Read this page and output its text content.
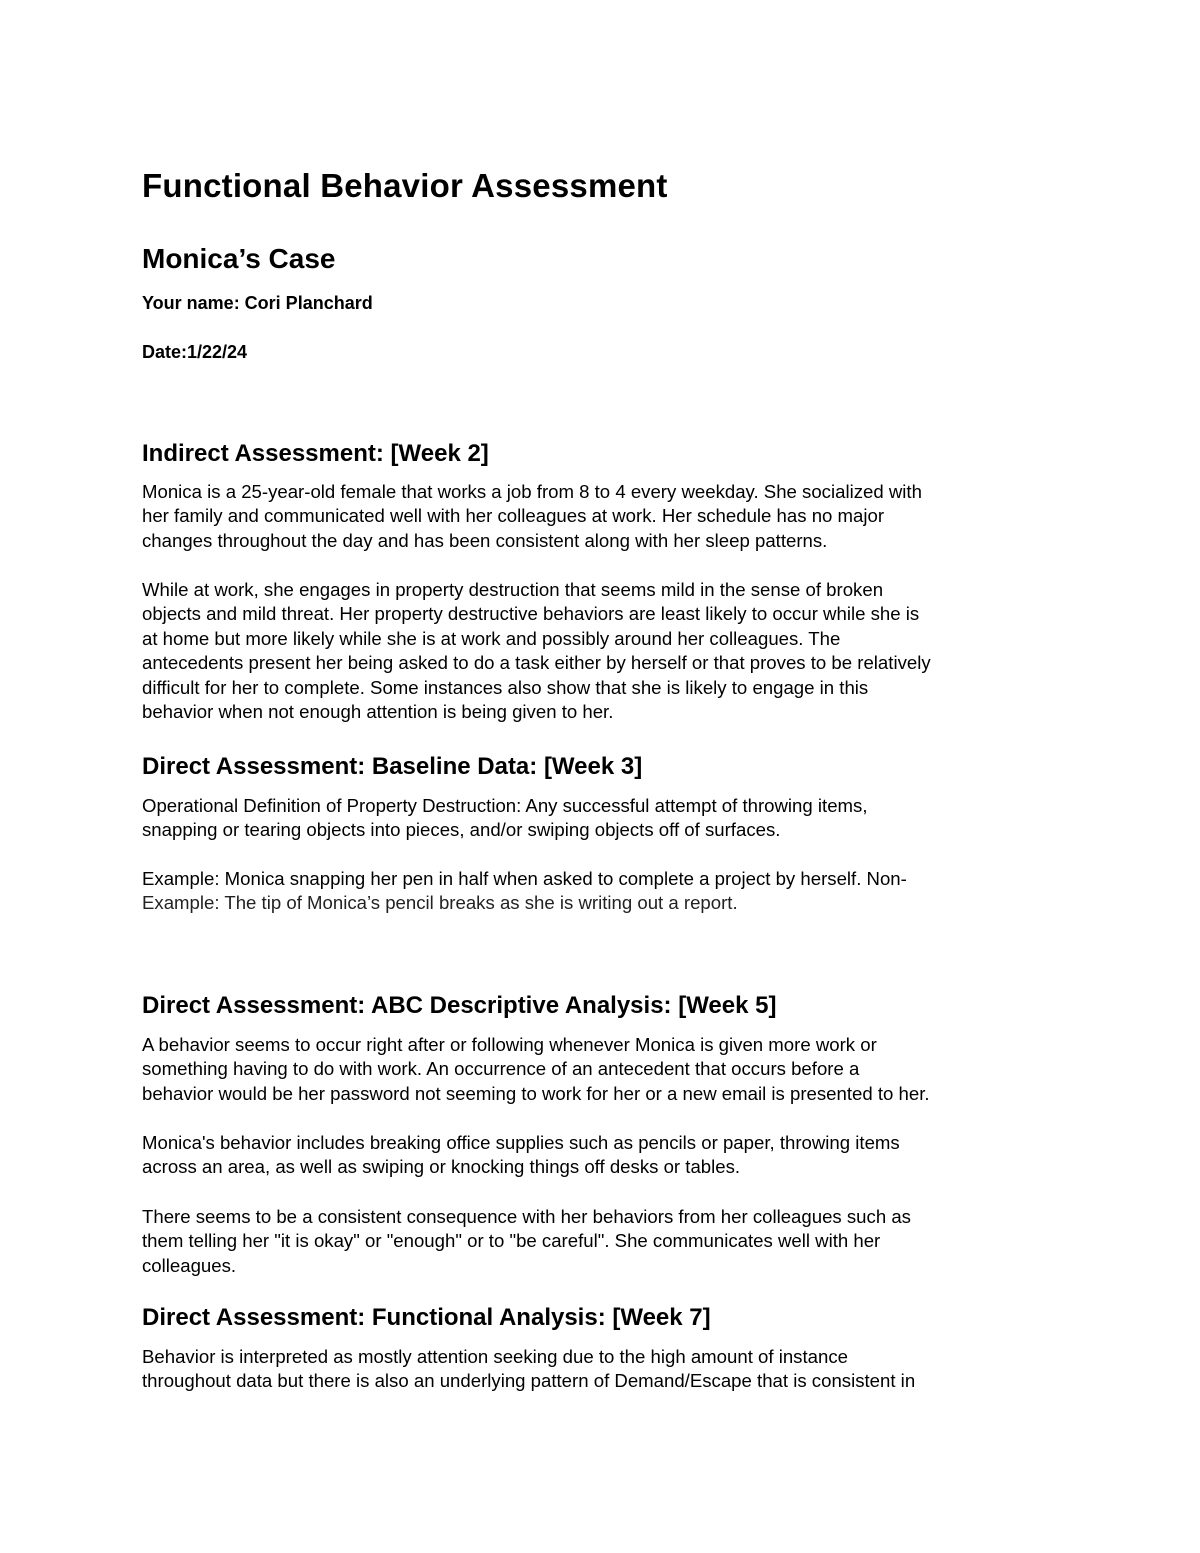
Functional Behavior Assessment
Monica’s Case
Your name: Cori Planchard
Date:1/22/24
Indirect Assessment: [Week 2]
Monica is a 25-year-old female that works a job from 8 to 4 every weekday. She socialized with
her family and communicated well with her colleagues at work. Her schedule has no major
changes throughout the day and has been consistent along with her sleep patterns.
While at work, she engages in property destruction that seems mild in the sense of broken
objects and mild threat. Her property destructive behaviors are least likely to occur while she is
at home but more likely while she is at work and possibly around her colleagues. The
antecedents present her being asked to do a task either by herself or that proves to be relatively
difficult for her to complete. Some instances also show that she is likely to engage in this
behavior when not enough attention is being given to her.
Direct Assessment: Baseline Data: [Week 3]
Operational Definition of Property Destruction: Any successful attempt of throwing items,
snapping or tearing objects into pieces, and/or swiping objects off of surfaces.
Example: Monica snapping her pen in half when asked to complete a project by herself. Non-
Example: The tip of Monica’s pencil breaks as she is writing out a report.
Direct Assessment: ABC Descriptive Analysis: [Week 5]
A behavior seems to occur right after or following whenever Monica is given more work or
something having to do with work. An occurrence of an antecedent that occurs before a
behavior would be her password not seeming to work for her or a new email is presented to her.
Monica's behavior includes breaking office supplies such as pencils or paper, throwing items
across an area, as well as swiping or knocking things off desks or tables.
There seems to be a consistent consequence with her behaviors from her colleagues such as
them telling her "it is okay" or "enough" or to "be careful". She communicates well with her
colleagues.
Direct Assessment: Functional Analysis: [Week 7]
Behavior is interpreted as mostly attention seeking due to the high amount of instance
throughout data but there is also an underlying pattern of Demand/Escape that is consistent in
